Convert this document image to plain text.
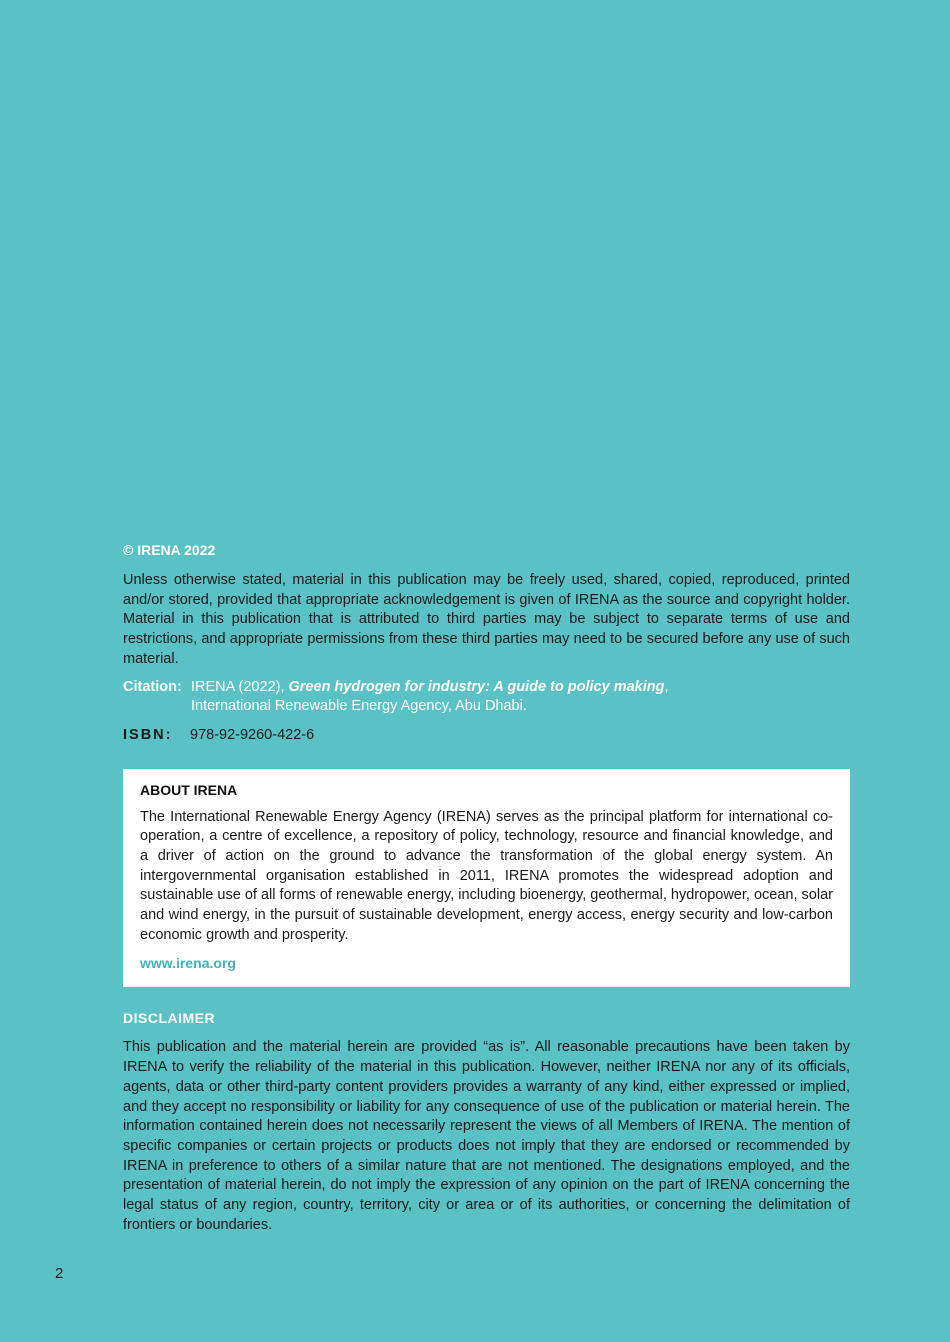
© IRENA 2022

Unless otherwise stated, material in this publication may be freely used, shared, copied, reproduced, printed and/or stored, provided that appropriate acknowledgement is given of IRENA as the source and copyright holder. Material in this publication that is attributed to third parties may be subject to separate terms of use and restrictions, and appropriate permissions from these third parties may need to be secured before any use of such material.

Citation: IRENA (2022), Green hydrogen for industry: A guide to policy making,
International Renewable Energy Agency, Abu Dhabi.
ISBN:	978-92-9260-422-6
ABOUT IRENA

The International Renewable Energy Agency (IRENA) serves as the principal platform for international co-operation, a centre of excellence, a repository of policy, technology, resource and financial knowledge, and a driver of action on the ground to advance the transformation of the global energy system. An intergovernmental organisation established in 2011, IRENA promotes the widespread adoption and sustainable use of all forms of renewable energy, including bioenergy, geothermal, hydropower, ocean, solar and wind energy, in the pursuit of sustainable development, energy access, energy security and low-carbon economic growth and prosperity.

www.irena.org
DISCLAIMER

This publication and the material herein are provided “as is”. All reasonable precautions have been taken by IRENA to verify the reliability of the material in this publication. However, neither IRENA nor any of its officials, agents, data or other third-party content providers provides a warranty of any kind, either expressed or implied, and they accept no responsibility or liability for any consequence of use of the publication or material herein. The information contained herein does not necessarily represent the views of all Members of IRENA. The mention of specific companies or certain projects or products does not imply that they are endorsed or recommended by IRENA in preference to others of a similar nature that are not mentioned. The designations employed, and the presentation of material herein, do not imply the expression of any opinion on the part of IRENA concerning the legal status of any region, country, territory, city or area or of its authorities, or concerning the delimitation of frontiers or boundaries.

2
